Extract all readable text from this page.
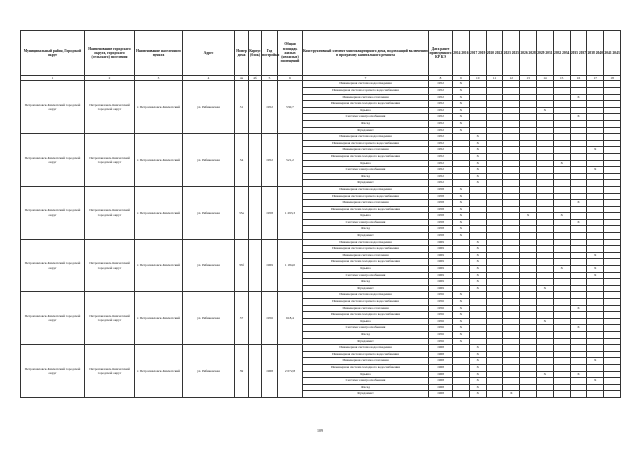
Муниципальный район, Городской округ	Наименование городского округа, городского (сельского) поселения	Наименование населенного пункта	Адрес	Номер дома	Корпус (блок)	Год постройки	Общая площадь жилых (нежилых) помещений	Конструктивный элемент многоквартирного дома, подлежащий включению в программу капитального ремонта	Дата ранее проведенного КР КЭ	2014 2016	2017 2019	2020 2022	2023 2025	2026 2028	2029 2031	2032 2034	2035 2037	2038 2040	2041 2043
1	2	3	4	4а	4б	5	6	7	8	9	10	11	12	13	14	15	16	17	18
Петропавловск-Камчатский городской округ	Петропавловск-Камчатский городской округ	г. Петропавловск-Камчатский	ул. Рябиковская	31		1952	530,7	Инженерная система водоотведения	1952	X									
								Инженерная система горячего водоснабжения	1952	X									
								Инженерная система отопления	1952	X							X		
								Инженерная система холодного водоснабжения	1952	X									
								Крыша	1952	X					X				
								Система электроснабжения	1952	X							X		
								Фасад	1952	X									
								Фундамент	1952	X									
Петропавловск-Камчатский городской округ	Петропавловск-Камчатский городской округ	г. Петропавловск-Камчатский	ул. Рябиковская	34		1952	521,2	Инженерная система водоотведения	1952		X								
								Инженерная система горячего водоснабжения	1952		X								
								Инженерная система отопления	1952		X							X	
								Инженерная система холодного водоснабжения	1952		X								
								Крыша	1952		X					X			
								Система электроснабжения	1952		X							X	
								Фасад	1952		X								
								Фундамент	1952		X								
Петропавловск-Камчатский городской округ	Петропавловск-Камчатский городской округ	г. Петропавловск-Камчатский	ул. Рябиковская	35а		1958	1 293,3	Инженерная система водоотведения	1958	X									
								Инженерная система горячего водоснабжения	1958	X									
								Инженерная система отопления	1958	X							X		
								Инженерная система холодного водоснабжения	1958	X									
								Крыша	1958	X				X		X			
								Система электроснабжения	1958	X							X		
								Фасад	1958	X									
								Фундамент	1958	X									
Петропавловск-Камчатский городской округ	Петропавловск-Камчатский городской округ	г. Петропавловск-Камчатский	ул. Рябиковская	35б		1969	1 184,0	Инженерная система водоотведения	1969		X								
								Инженерная система горячего водоснабжения	1969		X								
								Инженерная система отопления	1969		X							X	
								Инженерная система холодного водоснабжения	1969		X								
								Крыша	1969		X					X		X	
								Система электроснабжения	1969		X							X	
								Фасад	1969		X								
								Фундамент	1969		X				X				
Петропавловск-Камчатский городской округ	Петропавловск-Камчатский городской округ	г. Петропавловск-Камчатский	ул. Рябиковская	37		1956	618,4	Инженерная система водоотведения	1956	X									
								Инженерная система горячего водоснабжения	1956	X									
								Инженерная система отопления	1956	X							X		
								Инженерная система холодного водоснабжения	1956	X									
								Крыша	1956	X					X				
								Система электроснабжения	1956	X							X		
								Фасад	1956	X									
								Фундамент	1956	X									
Петропавловск-Камчатский городской округ	Петропавловск-Камчатский городской округ	г. Петропавловск-Камчатский	ул. Рябиковская	39		1968	2 072,8	Инженерная система водоотведения	1968		X								
								Инженерная система горячего водоснабжения	1968		X								
								Инженерная система отопления	1968		X							X	
								Инженерная система холодного водоснабжения	1968		X								
								Крыша	1968		X				X		X		
								Система электроснабжения	1968		X							X	
								Фасад	1968		X								
								Фундамент	1968		X		X						
109
